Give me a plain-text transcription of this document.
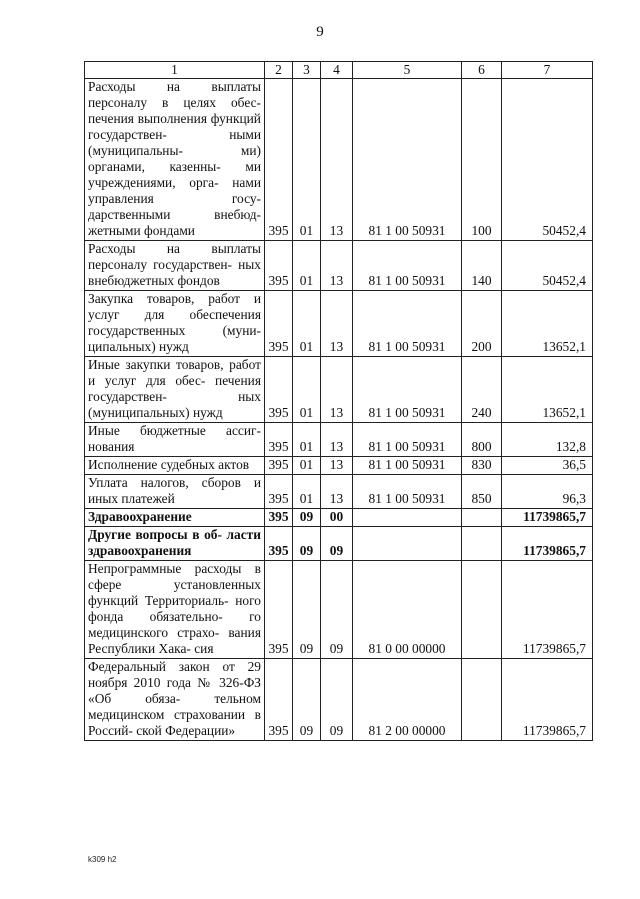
9
1	2	3	4	5	6	7
Расходы на выплаты персоналу в целях обес- печения выполнения функций государствен- ными (муниципальны- ми) органами, казенны- ми учреждениями, орга- нами управления госу- дарственными внебюд- жетными фондами	395	01	13	81 1 00 50931	100	50452,4
Расходы на выплаты персоналу государствен- ных внебюджетных фондов	395	01	13	81 1 00 50931	140	50452,4
Закупка товаров, работ и услуг для обеспечения государственных (муни- ципальных) нужд	395	01	13	81 1 00 50931	200	13652,1
Иные закупки товаров, работ и услуг для обес- печения государствен- ных (муниципальных) нужд	395	01	13	81 1 00 50931	240	13652,1
Иные бюджетные ассиг- нования	395	01	13	81 1 00 50931	800	132,8
Исполнение судебных актов	395	01	13	81 1 00 50931	830	36,5
Уплата налогов, сборов и иных платежей	395	01	13	81 1 00 50931	850	96,3
Здравоохранение	395	09	00			11739865,7
Другие вопросы в об- ласти здравоохранения	395	09	09			11739865,7
Непрограммные расходы в сфере установленных функций Территориаль- ного фонда обязательно- го медицинского страхо- вания Республики Хака- сия	395	09	09	81 0 00 00000		11739865,7
Федеральный закон от 29 ноября 2010 года № 326-ФЗ «Об обяза- тельном медицинском страховании в Россий- ской Федерации»	395	09	09	81 2 00 00000		11739865,7
k309 h2
